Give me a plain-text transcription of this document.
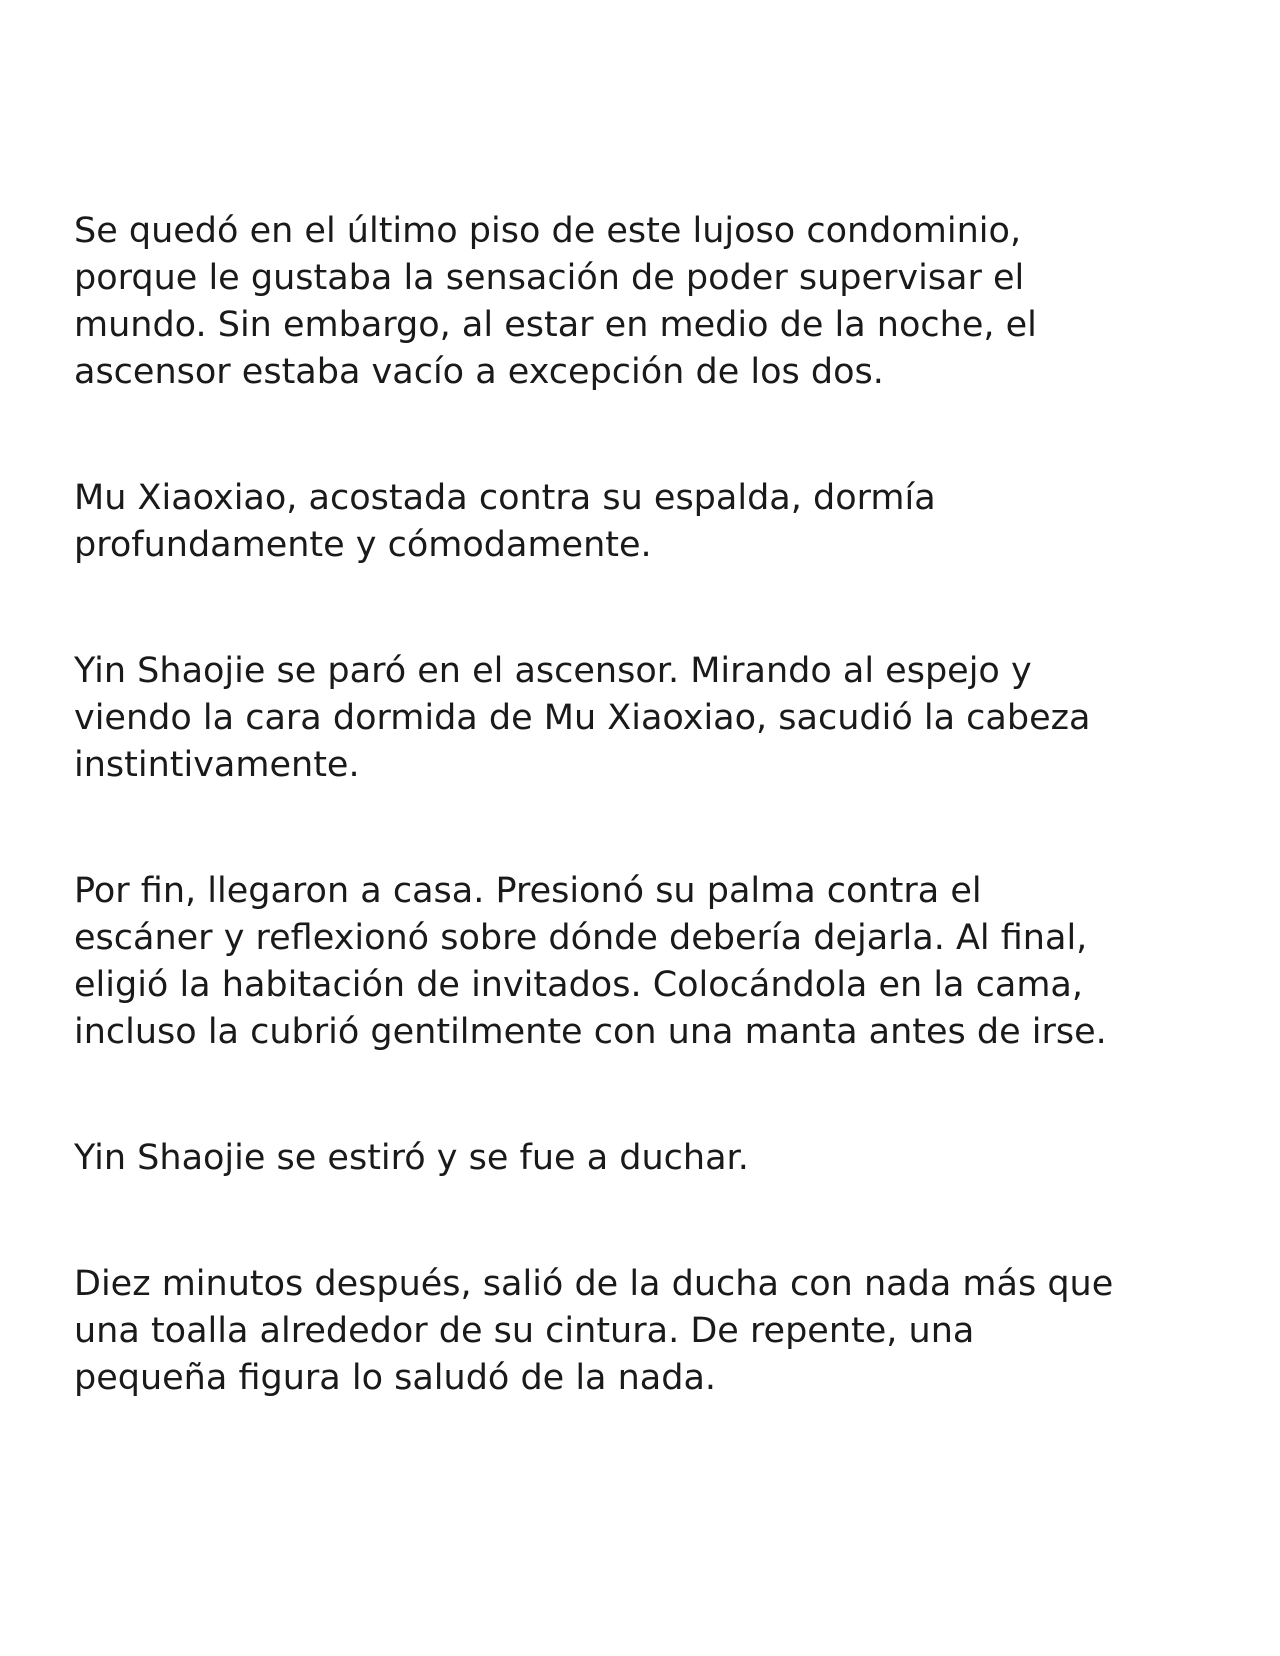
Se quedó en el último piso de este lujoso condominio,
porque le gustaba la sensación de poder supervisar el
mundo. Sin embargo, al estar en medio de la noche, el
ascensor estaba vacío a excepción de los dos.

Mu Xiaoxiao, acostada contra su espalda, dormía
profundamente y cómodamente.

Yin Shaojie se paró en el ascensor. Mirando al espejo y
viendo la cara dormida de Mu Xiaoxiao, sacudió la cabeza
instintivamente.

Por fin, llegaron a casa. Presionó su palma contra el
escáner y reflexionó sobre dónde debería dejarla. Al final,
eligió la habitación de invitados. Colocándola en la cama,
incluso la cubrió gentilmente con una manta antes de irse.

Yin Shaojie se estiró y se fue a duchar.

Diez minutos después, salió de la ducha con nada más que
una toalla alrededor de su cintura. De repente, una
pequeña figura lo saludó de la nada.
